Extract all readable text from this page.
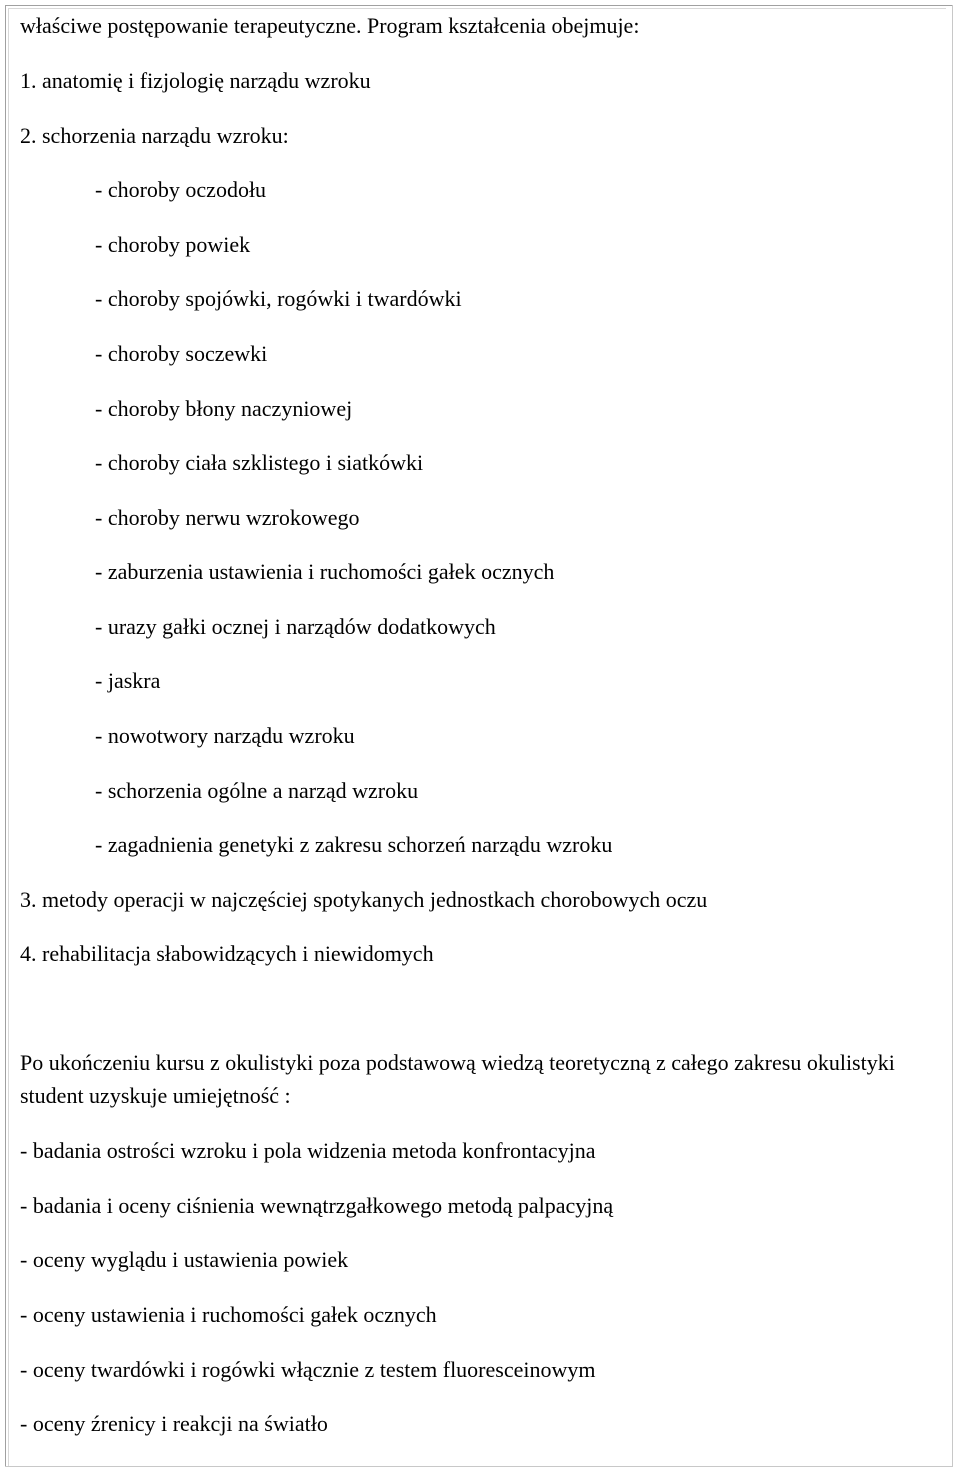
właściwe postępowanie terapeutyczne. Program kształcenia obejmuje:

1. anatomię i fizjologię narządu wzroku

2. schorzenia narządu wzroku:

- choroby oczodołu

- choroby powiek

- choroby spojówki, rogówki i twardówki

- choroby soczewki

- choroby błony naczyniowej

- choroby ciała szklistego i siatkówki

- choroby nerwu wzrokowego

- zaburzenia ustawienia i ruchomości gałek ocznych

- urazy gałki ocznej i narządów dodatkowych

- jaskra

- nowotwory narządu wzroku

- schorzenia ogólne a narząd wzroku

- zagadnienia genetyki z zakresu schorzeń narządu wzroku

3. metody operacji w najczęściej spotykanych jednostkach chorobowych oczu

4. rehabilitacja słabowidzących i niewidomych

Po ukończeniu kursu z okulistyki poza podstawową wiedzą teoretyczną z całego zakresu okulistyki student uzyskuje umiejętność :

- badania ostrości wzroku i pola widzenia metoda konfrontacyjna

- badania i oceny ciśnienia wewnątrzgałkowego metodą palpacyjną

- oceny wyglądu i ustawienia powiek

- oceny ustawienia i ruchomości gałek ocznych

- oceny twardówki i rogówki włącznie z testem fluoresceinowym

- oceny źrenicy i reakcji na światło
